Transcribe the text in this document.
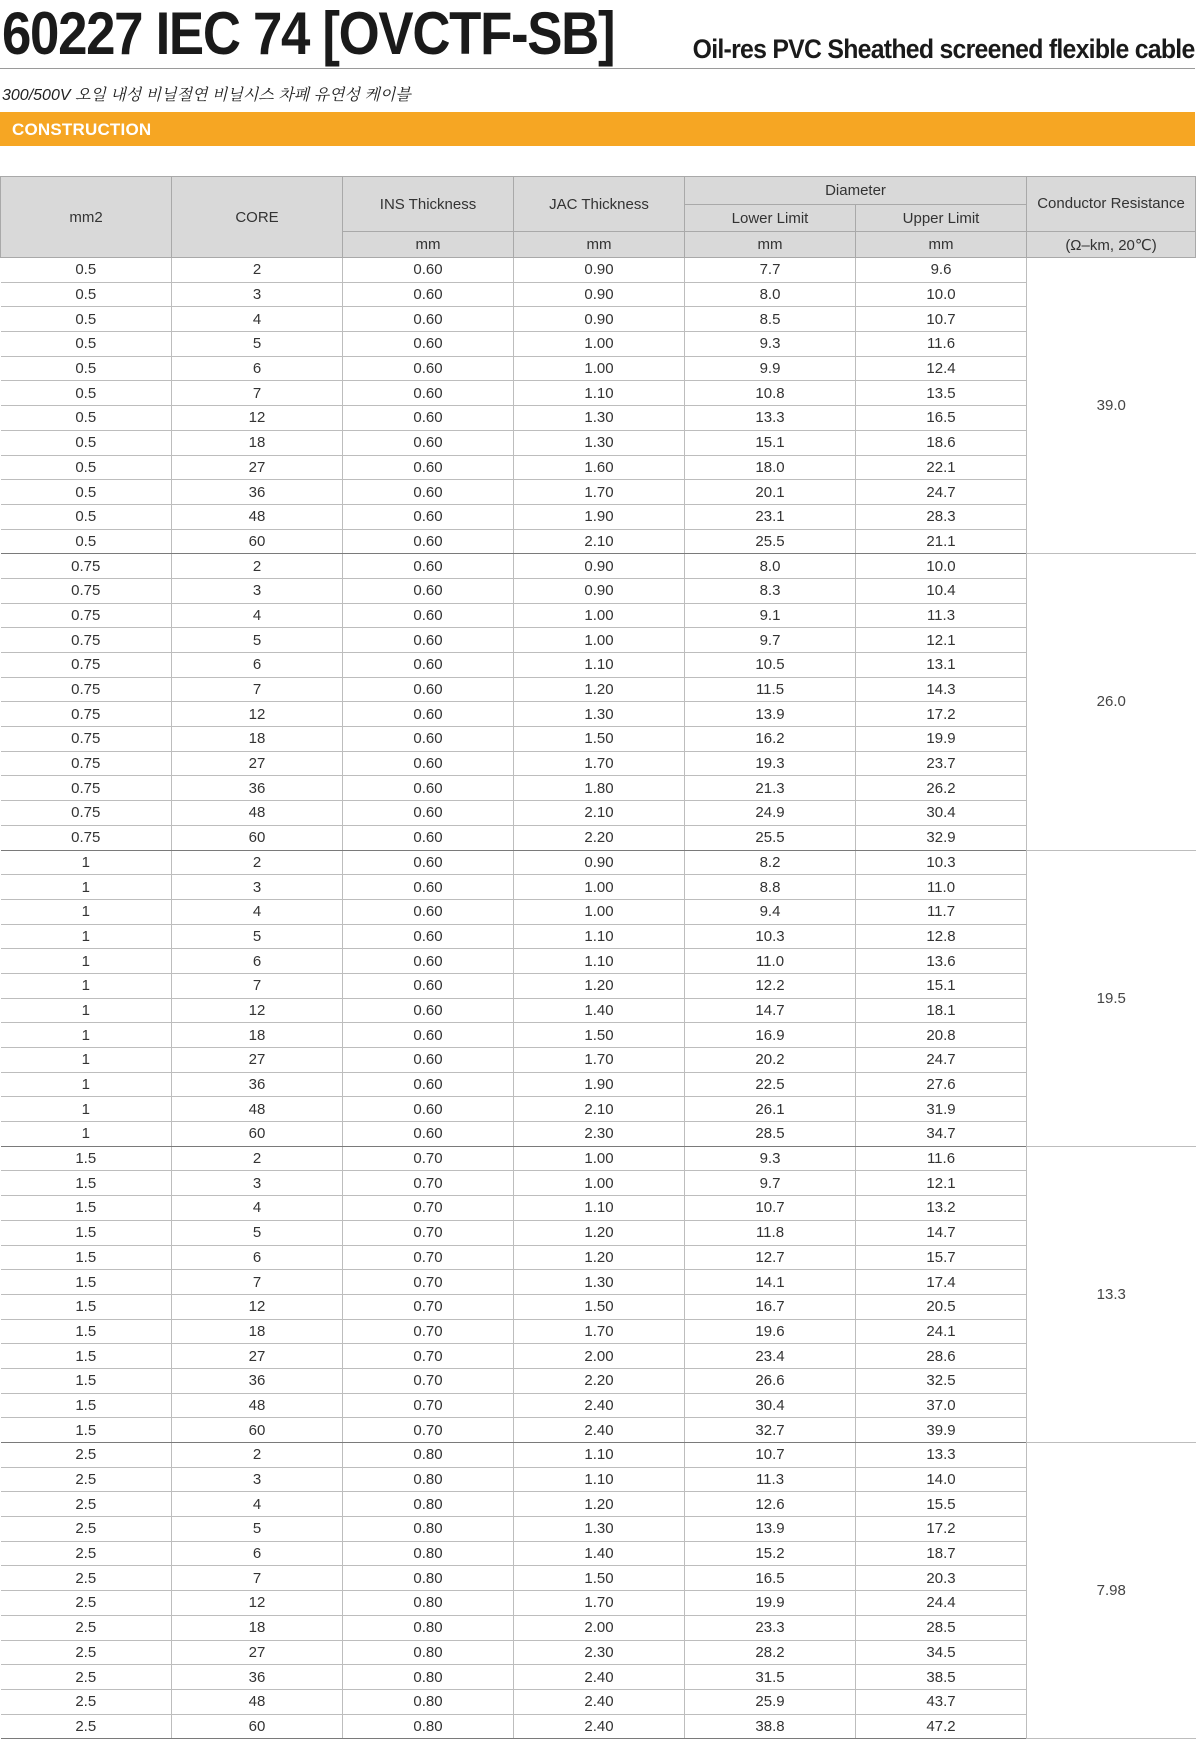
60227 IEC 74 [OVCTF-SB]	Oil-res PVC Sheathed screened flexible cable
300/500V 오일 내성 비닐절연 비닐시스 차폐 유연성 케이블
CONSTRUCTION
mm2	CORE	INS Thickness	JAC Thickness	Diameter		Conductor Resistance
				Lower Limit	Upper Limit	
		mm	mm	mm	mm	(Ω–km, 20℃)
0.5	2	0.60	0.90	7.7	9.6	39.0
0.5	3	0.60	0.90	8.0	10.0	
0.5	4	0.60	0.90	8.5	10.7	
0.5	5	0.60	1.00	9.3	11.6	
0.5	6	0.60	1.00	9.9	12.4	
0.5	7	0.60	1.10	10.8	13.5	
0.5	12	0.60	1.30	13.3	16.5	
0.5	18	0.60	1.30	15.1	18.6	
0.5	27	0.60	1.60	18.0	22.1	
0.5	36	0.60	1.70	20.1	24.7	
0.5	48	0.60	1.90	23.1	28.3	
0.5	60	0.60	2.10	25.5	21.1	
0.75	2	0.60	0.90	8.0	10.0	26.0
0.75	3	0.60	0.90	8.3	10.4	
0.75	4	0.60	1.00	9.1	11.3	
0.75	5	0.60	1.00	9.7	12.1	
0.75	6	0.60	1.10	10.5	13.1	
0.75	7	0.60	1.20	11.5	14.3	
0.75	12	0.60	1.30	13.9	17.2	
0.75	18	0.60	1.50	16.2	19.9	
0.75	27	0.60	1.70	19.3	23.7	
0.75	36	0.60	1.80	21.3	26.2	
0.75	48	0.60	2.10	24.9	30.4	
0.75	60	0.60	2.20	25.5	32.9	
1	2	0.60	0.90	8.2	10.3	19.5
1	3	0.60	1.00	8.8	11.0	
1	4	0.60	1.00	9.4	11.7	
1	5	0.60	1.10	10.3	12.8	
1	6	0.60	1.10	11.0	13.6	
1	7	0.60	1.20	12.2	15.1	
1	12	0.60	1.40	14.7	18.1	
1	18	0.60	1.50	16.9	20.8	
1	27	0.60	1.70	20.2	24.7	
1	36	0.60	1.90	22.5	27.6	
1	48	0.60	2.10	26.1	31.9	
1	60	0.60	2.30	28.5	34.7	
1.5	2	0.70	1.00	9.3	11.6	13.3
1.5	3	0.70	1.00	9.7	12.1	
1.5	4	0.70	1.10	10.7	13.2	
1.5	5	0.70	1.20	11.8	14.7	
1.5	6	0.70	1.20	12.7	15.7	
1.5	7	0.70	1.30	14.1	17.4	
1.5	12	0.70	1.50	16.7	20.5	
1.5	18	0.70	1.70	19.6	24.1	
1.5	27	0.70	2.00	23.4	28.6	
1.5	36	0.70	2.20	26.6	32.5	
1.5	48	0.70	2.40	30.4	37.0	
1.5	60	0.70	2.40	32.7	39.9	
2.5	2	0.80	1.10	10.7	13.3	7.98
2.5	3	0.80	1.10	11.3	14.0	
2.5	4	0.80	1.20	12.6	15.5	
2.5	5	0.80	1.30	13.9	17.2	
2.5	6	0.80	1.40	15.2	18.7	
2.5	7	0.80	1.50	16.5	20.3	
2.5	12	0.80	1.70	19.9	24.4	
2.5	18	0.80	2.00	23.3	28.5	
2.5	27	0.80	2.30	28.2	34.5	
2.5	36	0.80	2.40	31.5	38.5	
2.5	48	0.80	2.40	25.9	43.7	
2.5	60	0.80	2.40	38.8	47.2	
